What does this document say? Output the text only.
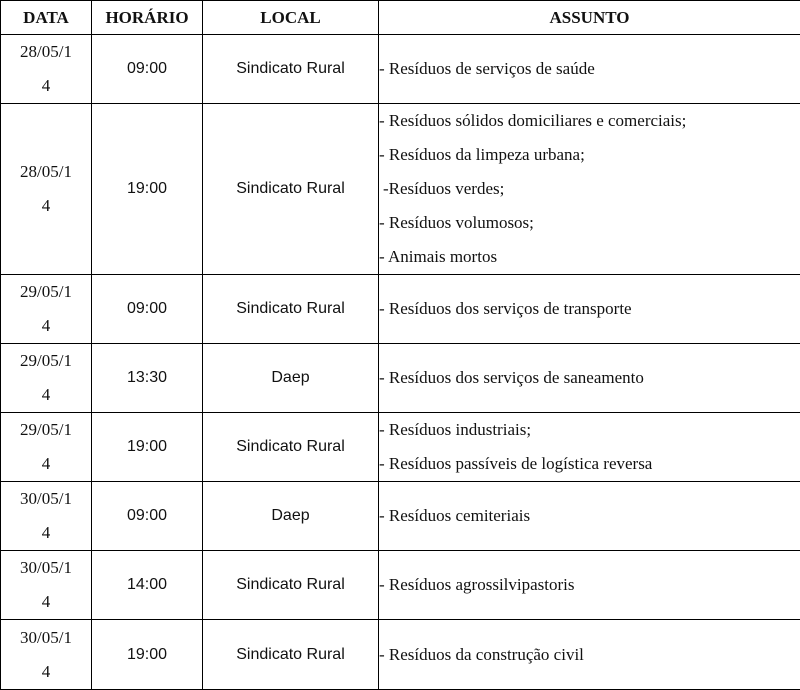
DATA	HORÁRIO	LOCAL	ASSUNTO

28/05/1
4	09:00	Sindicato Rural	- Resíduos de serviços de saúde

28/05/1
4	19:00	Sindicato Rural	- Resíduos sólidos domiciliares e comerciais;
- Resíduos da limpeza urbana;
-Resíduos verdes;
- Resíduos volumosos;
- Animais mortos

29/05/1
4	09:00	Sindicato Rural	- Resíduos dos serviços de transporte

29/05/1
4	13:30	Daep	- Resíduos dos serviços de saneamento

29/05/1
4	19:00	Sindicato Rural	- Resíduos industriais;
- Resíduos passíveis de logística reversa

30/05/1
4	09:00	Daep	- Resíduos cemiteriais

30/05/1
4	14:00	Sindicato Rural	- Resíduos agrossilvipastoris

30/05/1
4	19:00	Sindicato Rural	- Resíduos da construção civil
